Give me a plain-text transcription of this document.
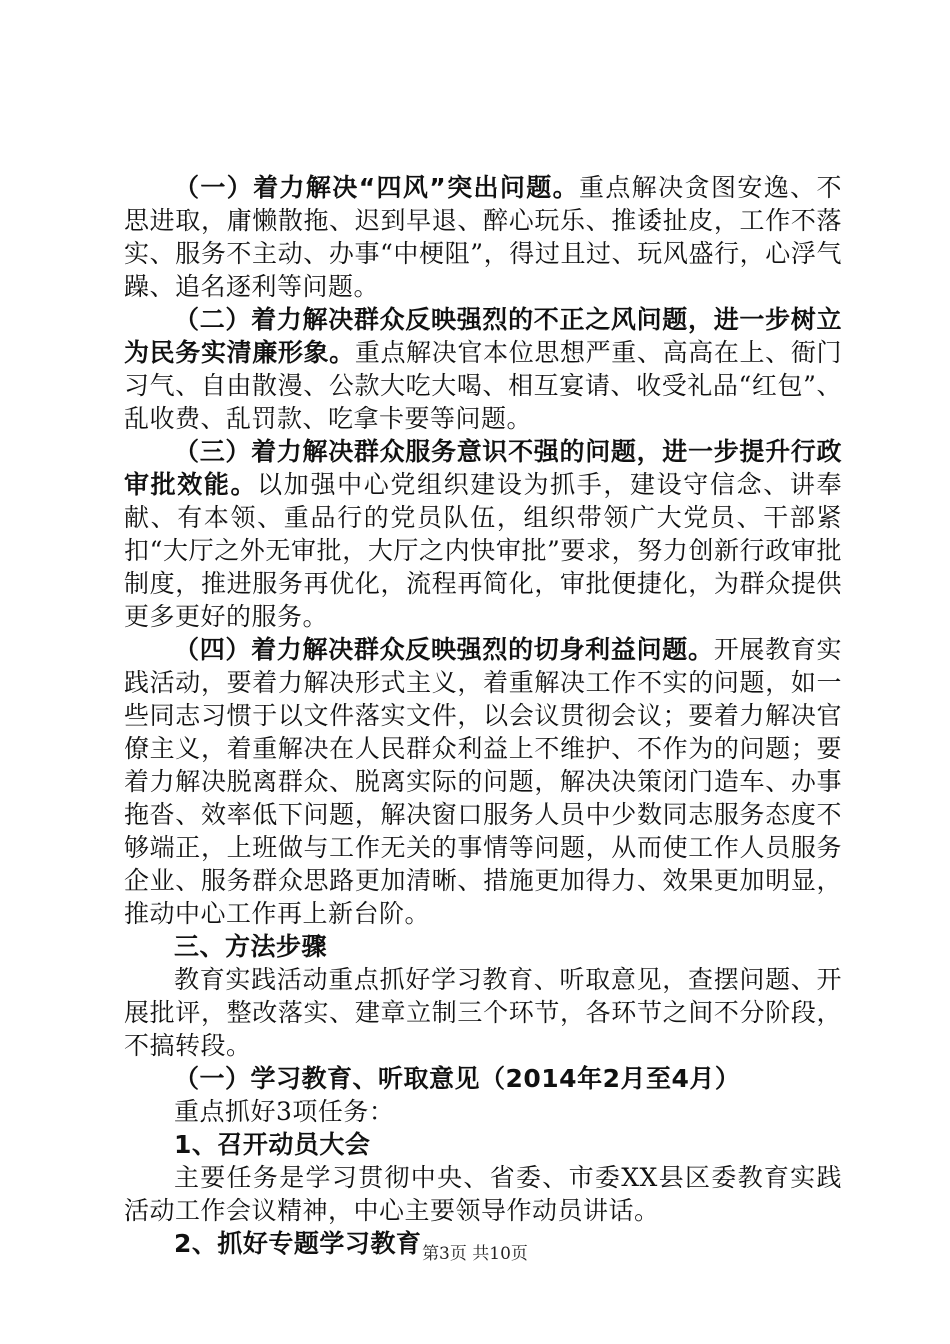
（一）着力解决“四风”突出问题。重点解决贪图安逸、不思进取，庸懒散拖、迟到早退、醉心玩乐、推诿扯皮，工作不落实、服务不主动、办事“中梗阻”，得过且过、玩风盛行，心浮气躁、追名逐利等问题。

（二）着力解决群众反映强烈的不正之风问题，进一步树立为民务实清廉形象。重点解决官本位思想严重、高高在上、衙门习气、自由散漫、公款大吃大喝、相互宴请、收受礼品“红包”、乱收费、乱罚款、吃拿卡要等问题。

（三）着力解决群众服务意识不强的问题，进一步提升行政审批效能。以加强中心党组织建设为抓手，建设守信念、讲奉献、有本领、重品行的党员队伍，组织带领广大党员、干部紧扣“大厅之外无审批，大厅之内快审批”要求，努力创新行政审批制度，推进服务再优化，流程再简化，审批便捷化，为群众提供更多更好的服务。

（四）着力解决群众反映强烈的切身利益问题。开展教育实践活动，要着力解决形式主义，着重解决工作不实的问题，如一些同志习惯于以文件落实文件，以会议贯彻会议；要着力解决官僚主义，着重解决在人民群众利益上不维护、不作为的问题；要着力解决脱离群众、脱离实际的问题，解决决策闭门造车、办事拖沓、效率低下问题，解决窗口服务人员中少数同志服务态度不够端正，上班做与工作无关的事情等问题，从而使工作人员服务企业、服务群众思路更加清晰、措施更加得力、效果更加明显，推动中心工作再上新台阶。

三、方法步骤

教育实践活动重点抓好学习教育、听取意见，查摆问题、开展批评，整改落实、建章立制三个环节，各环节之间不分阶段，不搞转段。

（一）学习教育、听取意见（2014年2月至4月）

重点抓好3项任务：

1、召开动员大会

主要任务是学习贯彻中央、省委、市委XX县区委教育实践活动工作会议精神，中心主要领导作动员讲话。

2、抓好专题学习教育 第3页 共10页
